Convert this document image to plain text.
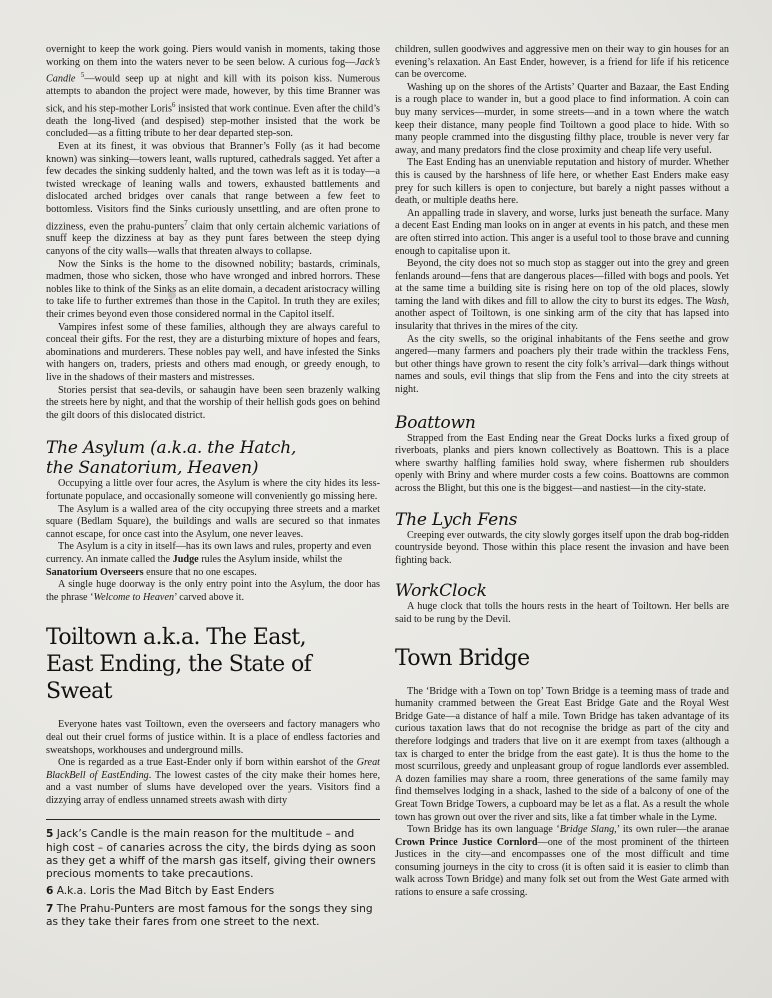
overnight to keep the work going. Piers would vanish in moments, taking those working on them into the waters never to be seen below. A curious fog—Jack’s Candle $^5$—would seep up at night and kill with its poison kiss. Numerous attempts to abandon the project were made, however, by this time Branner was sick, and his step-mother Loris$^6$ insisted that work continue. Even after the child’s death the long-lived (and despised) step-mother insisted that the work be concluded—as a fitting tribute to her dear departed step-son.

Even at its finest, it was obvious that Branner’s Folly (as it had become known) was sinking—towers leant, walls ruptured, cathedrals sagged. Yet after a few decades the sinking suddenly halted, and the town was left as it is today—a twisted wreckage of leaning walls and towers, exhausted battlements and dislocated arched bridges over canals that range between a few feet to bottomless. Visitors find the Sinks curiously unsettling, and are often prone to dizziness, even the prahu-punters$^7$ claim that only certain alchemic variations of snuff keep the dizziness at bay as they punt fares between the steep dying canyons of the city walls—walls that threaten always to collapse.

Now the Sinks is the home to the disowned nobility; bastards, criminals, madmen, those who sicken, those who have wronged and inbred horrors. These nobles like to think of the Sinks as an elite domain, a decadent aristocracy willing to take life to further extremes than those in the Capitol. In truth they are exiles; their crimes beyond even those considered normal in the Capitol itself.

Vampires infest some of these families, although they are always careful to conceal their gifts. For the rest, they are a disturbing mixture of hopes and fears, abominations and murderers. These nobles pay well, and have infested the Sinks with hangers on, traders, priests and others mad enough, or greedy enough, to live in the shadows of their masters and mistresses.

Stories persist that sea-devils, or sahaugin have been seen brazenly walking the streets here by night, and that the worship of their hellish gods goes on behind the gilt doors of this dislocated district.

The Asylum (a.k.a. the Hatch,
the Sanatorium, Heaven)

Occupying a little over four acres, the Asylum is where the city hides its less-fortunate populace, and occasionally someone will conveniently go missing here.

The Asylum is a walled area of the city occupying three streets and a market square (Bedlam Square), the buildings and walls are secured so that inmates cannot escape, for once cast into the Asylum, one never leaves.

The Asylum is a city in itself—has its own laws and rules, property and even currency. An inmate called the Judge rules the Asylum inside, whilst the Sanatorium Overseers ensure that no one escapes.

A single huge doorway is the only entry point into the Asylum, the door has the phrase ‘Welcome to Heaven’ carved above it.

Toiltown a.k.a. The East,
East Ending, the State of Sweat

Everyone hates vast Toiltown, even the overseers and factory managers who deal out their cruel forms of justice within. It is a place of endless factories and sweatshops, workhouses and underground mills.

One is regarded as a true East-Ender only if born within earshot of the Great BlackBell of EastEnding. The lowest castes of the city make their homes here, and a vast number of slums have developed over the years. Visitors find a dizzying array of endless unnamed streets awash with dirty

5 Jack’s Candle is the main reason for the multitude – and high cost – of canaries across the city, the birds dying as soon as they get a whiff of the marsh gas itself, giving their owners precious moments to take precautions.

6 A.k.a. Loris the Mad Bitch by East Enders

7 The Prahu-Punters are most famous for the songs they sing as they take their fares from one street to the next.

children, sullen goodwives and aggressive men on their way to gin houses for an evening’s relaxation. An East Ender, however, is a friend for life if his reticence can be overcome.

Washing up on the shores of the Artists’ Quarter and Bazaar, the East Ending is a rough place to wander in, but a good place to find information. A coin can buy many services—murder, in some streets—and in a town where the watch keep their distance, many people find Toiltown a good place to hide. With so many people crammed into the disgusting filthy place, trouble is never very far away, and many predators find the close proximity and cheap life very useful.

The East Ending has an unenviable reputation and history of murder. Whether this is caused by the harshness of life here, or whether East Enders make easy prey for such killers is open to conjecture, but barely a night passes without a death, or multiple deaths here.

An appalling trade in slavery, and worse, lurks just beneath the surface. Many a decent East Ending man looks on in anger at events in his patch, and these men are often stirred into action. This anger is a useful tool to those brave and cunning enough to capitalise upon it.

Beyond, the city does not so much stop as stagger out into the grey and green fenlands around—fens that are dangerous places—filled with bogs and pools. Yet at the same time a building site is rising here on top of the old places, slowly taming the land with dikes and fill to allow the city to burst its edges. The Wash, another aspect of Toiltown, is one sinking arm of the city that has lapsed into insularity that thrives in the mires of the city.

As the city swells, so the original inhabitants of the Fens seethe and grow angered—many farmers and poachers ply their trade within the trackless Fens, but other things have grown to resent the city folk’s arrival—dark things without names and souls, evil things that slip from the Fens and into the city streets at night.

Boattown

Strapped from the East Ending near the Great Docks lurks a fixed group of riverboats, planks and piers known collectively as Boattown. This is a place where swarthy halfling families hold sway, where fishermen rub shoulders openly with Briny and where murder costs a few coins. Boattowns are common across the Blight, but this one is the biggest—and nastiest—in the city-state.

The Lych Fens

Creeping ever outwards, the city slowly gorges itself upon the drab bog-ridden countryside beyond. Those within this place resent the invasion and have been fighting back.

WorkClock

A huge clock that tolls the hours rests in the heart of Toiltown. Her bells are said to be rung by the Devil.

Town Bridge

The ‘Bridge with a Town on top’ Town Bridge is a teeming mass of trade and humanity crammed between the Great East Bridge Gate and the Royal West Bridge Gate—a distance of half a mile. Town Bridge has taken advantage of its curious taxation laws that do not recognise the bridge as part of the city and therefore lodgings and traders that live on it are exempt from taxes (although a tax is charged to enter the bridge from the east gate). It is thus the home to the most scurrilous, greedy and unpleasant group of rogue landlords ever assembled. A dozen families may share a room, three generations of the same family may find themselves lodging in a shack, lashed to the side of a balcony of one of the Great Town Bridge Towers, a cupboard may be let as a flat. As a result the whole town has grown out over the river and sits, like a fat timber whale in the Lyme.

Town Bridge has its own language ‘Bridge Slang,’ its own ruler—the aranae Crown Prince Justice Cornlord—one of the most prominent of the thirteen Justices in the city—and encompasses one of the most difficult and time consuming journeys in the city to cross (it is often said it is easier to climb than walk across Town Bridge) and many folk set out from the West Gate armed with rations to ensure a safe crossing.
